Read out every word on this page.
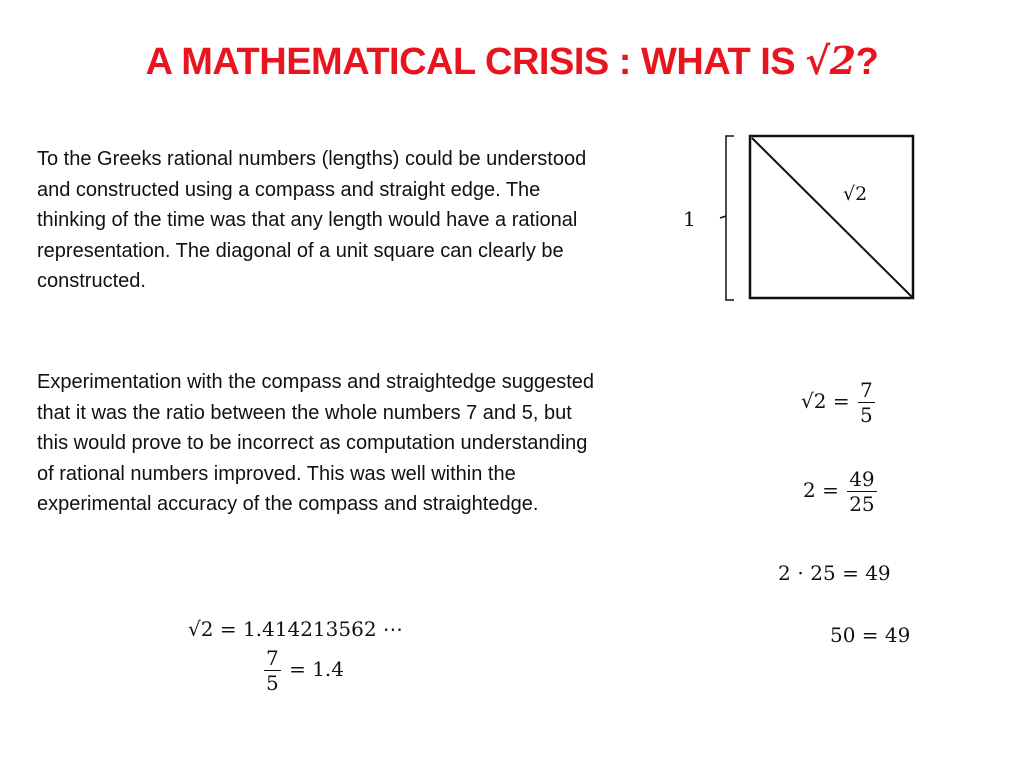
A MATHEMATICAL CRISIS : WHAT IS √2?
To the Greeks rational numbers (lengths) could be understood and constructed using a compass and straight edge. The thinking of the time was that any length would have a rational representation. The diagonal of a unit square can clearly be constructed.
Experimentation with the compass and straightedge suggested that it was the ratio between the whole numbers 7 and 5, but this would prove to be incorrect as computation understanding of rational numbers improved. This was well within the experimental accuracy of the compass and straightedge.
1
√2
$√2 = \frac{7}{5}$
$2 = \frac{49}{25}$
2 ⋅ 25 = 49
50 = 49
√2 = 1.414213562 ⋯
$\frac{7}{5} = 1.4$
